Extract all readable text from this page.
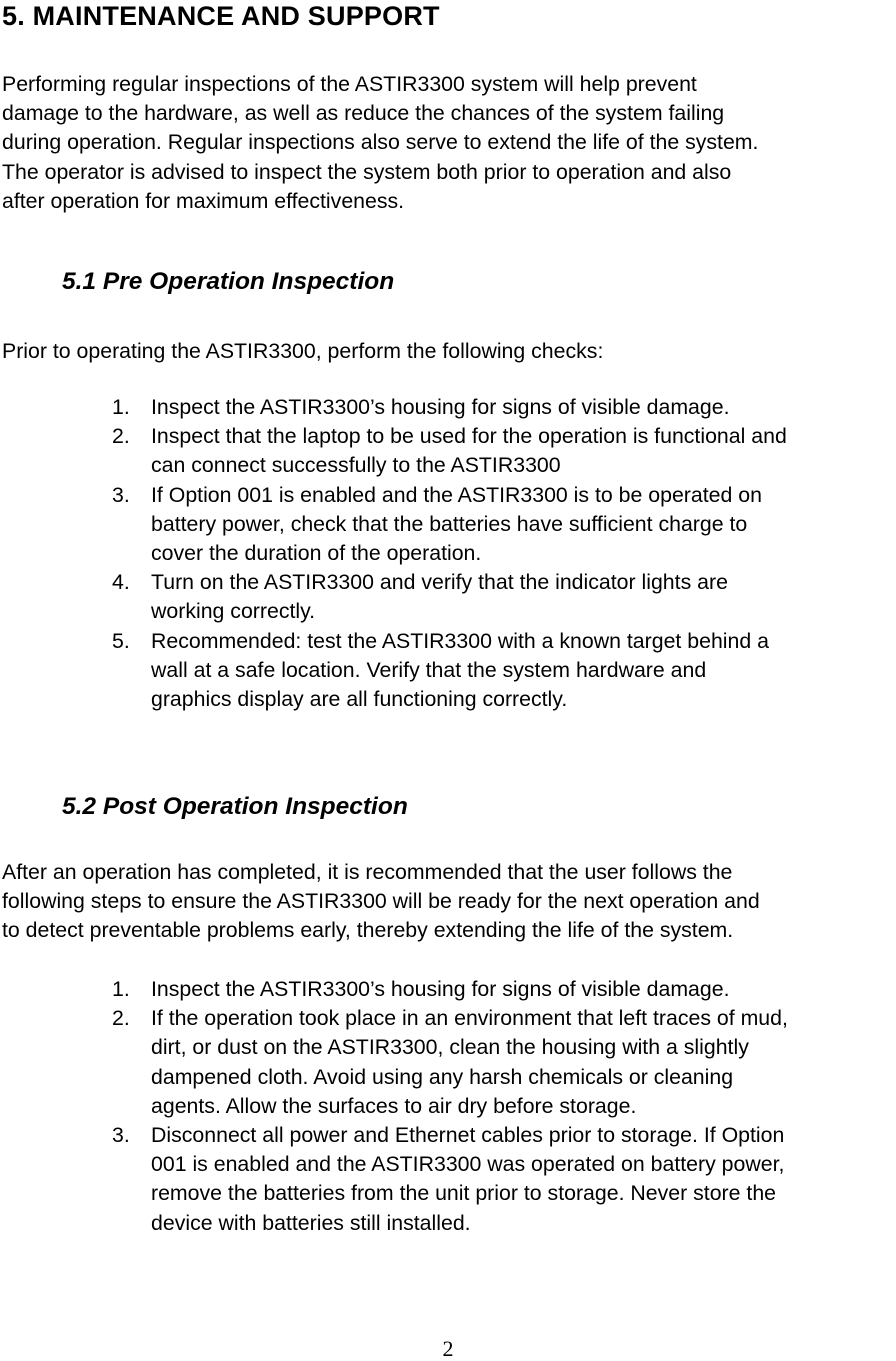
5. MAINTENANCE AND SUPPORT

Performing regular inspections of the ASTIR3300 system will help prevent
damage to the hardware, as well as reduce the chances of the system failing
during operation. Regular inspections also serve to extend the life of the system.
The operator is advised to inspect the system both prior to operation and also
after operation for maximum effectiveness.

5.1 Pre Operation Inspection

Prior to operating the ASTIR3300, perform the following checks:

1. Inspect the ASTIR3300’s housing for signs of visible damage.
2. Inspect that the laptop to be used for the operation is functional and
can connect successfully to the ASTIR3300
3. If Option 001 is enabled and the ASTIR3300 is to be operated on
battery power, check that the batteries have sufficient charge to
cover the duration of the operation.
4. Turn on the ASTIR3300 and verify that the indicator lights are
working correctly.
5. Recommended: test the ASTIR3300 with a known target behind a
wall at a safe location. Verify that the system hardware and
graphics display are all functioning correctly.
5.2 Post Operation Inspection

After an operation has completed, it is recommended that the user follows the
following steps to ensure the ASTIR3300 will be ready for the next operation and
to detect preventable problems early, thereby extending the life of the system.

1. Inspect the ASTIR3300’s housing for signs of visible damage.
2. If the operation took place in an environment that left traces of mud,
dirt, or dust on the ASTIR3300, clean the housing with a slightly
dampened cloth. Avoid using any harsh chemicals or cleaning
agents. Allow the surfaces to air dry before storage.
3. Disconnect all power and Ethernet cables prior to storage. If Option
001 is enabled and the ASTIR3300 was operated on battery power,
remove the batteries from the unit prior to storage. Never store the
device with batteries still installed.
2
